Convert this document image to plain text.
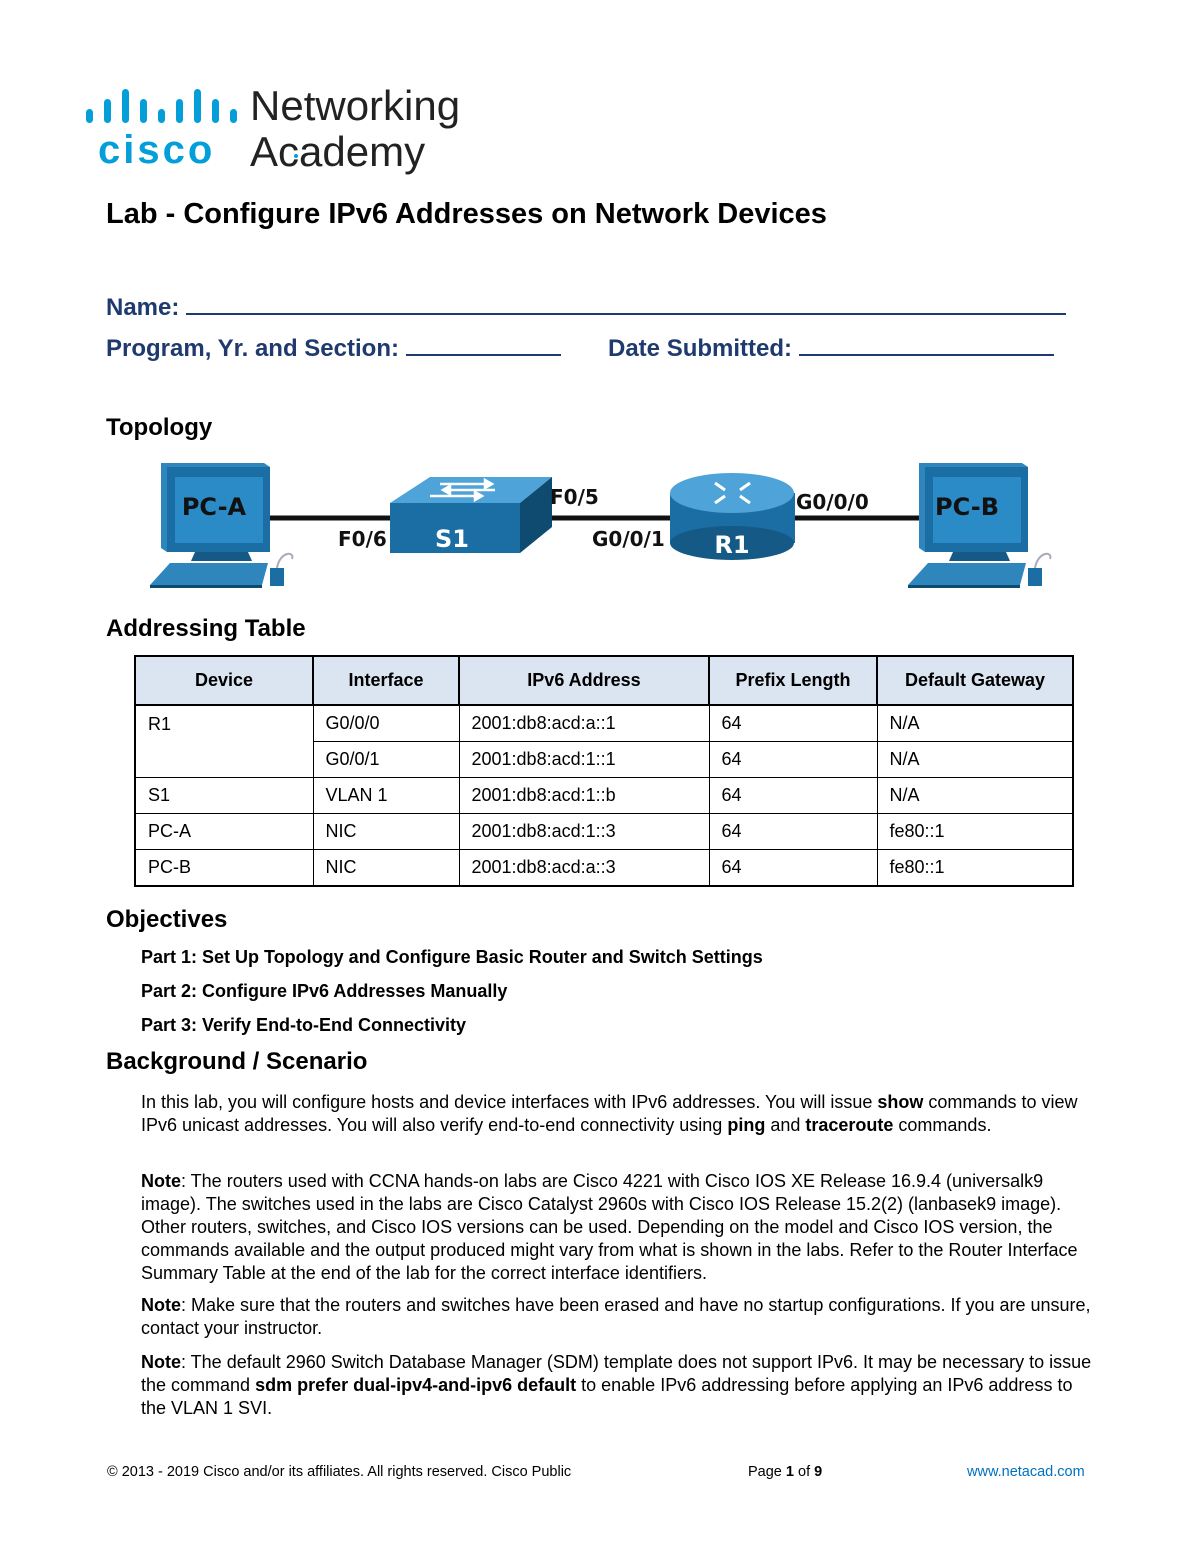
cisco
Networking
Academy
Lab - Configure IPv6 Addresses on Network Devices
Name:
Program, Yr. and Section:	Date Submitted:
Topology
PC-A
S1	R1
PC-B
F0/6
F0/5
G0/0/1
G0/0/0
Addressing Table
Device	Interface	IPv6 Address	Prefix Length	Default Gateway
R1	G0/0/0	2001:db8:acd:a::1	64	N/A
	G0/0/1	2001:db8:acd:1::1	64	N/A
S1	VLAN 1	2001:db8:acd:1::b	64	N/A
PC-A	NIC	2001:db8:acd:1::3	64	fe80::1
PC-B	NIC	2001:db8:acd:a::3	64	fe80::1
Objectives
Part 1: Set Up Topology and Configure Basic Router and Switch Settings
Part 2: Configure IPv6 Addresses Manually
Part 3: Verify End-to-End Connectivity
Background / Scenario
In this lab, you will configure hosts and device interfaces with IPv6 addresses. You will issue show commands to view IPv6 unicast addresses. You will also verify end-to-end connectivity using ping and traceroute commands.
Note: The routers used with CCNA hands-on labs are Cisco 4221 with Cisco IOS XE Release 16.9.4 (universalk9 image). The switches used in the labs are Cisco Catalyst 2960s with Cisco IOS Release 15.2(2) (lanbasek9 image). Other routers, switches, and Cisco IOS versions can be used. Depending on the model and Cisco IOS version, the commands available and the output produced might vary from what is shown in the labs. Refer to the Router Interface Summary Table at the end of the lab for the correct interface identifiers.
Note: Make sure that the routers and switches have been erased and have no startup configurations. If you are unsure, contact your instructor.
Note: The default 2960 Switch Database Manager (SDM) template does not support IPv6. It may be necessary to issue the command sdm prefer dual-ipv4-and-ipv6 default to enable IPv6 addressing before applying an IPv6 address to the VLAN 1 SVI.
© 2013 - 2019 Cisco and/or its affiliates. All rights reserved. Cisco Public	Page 1 of 9	www.netacad.com
